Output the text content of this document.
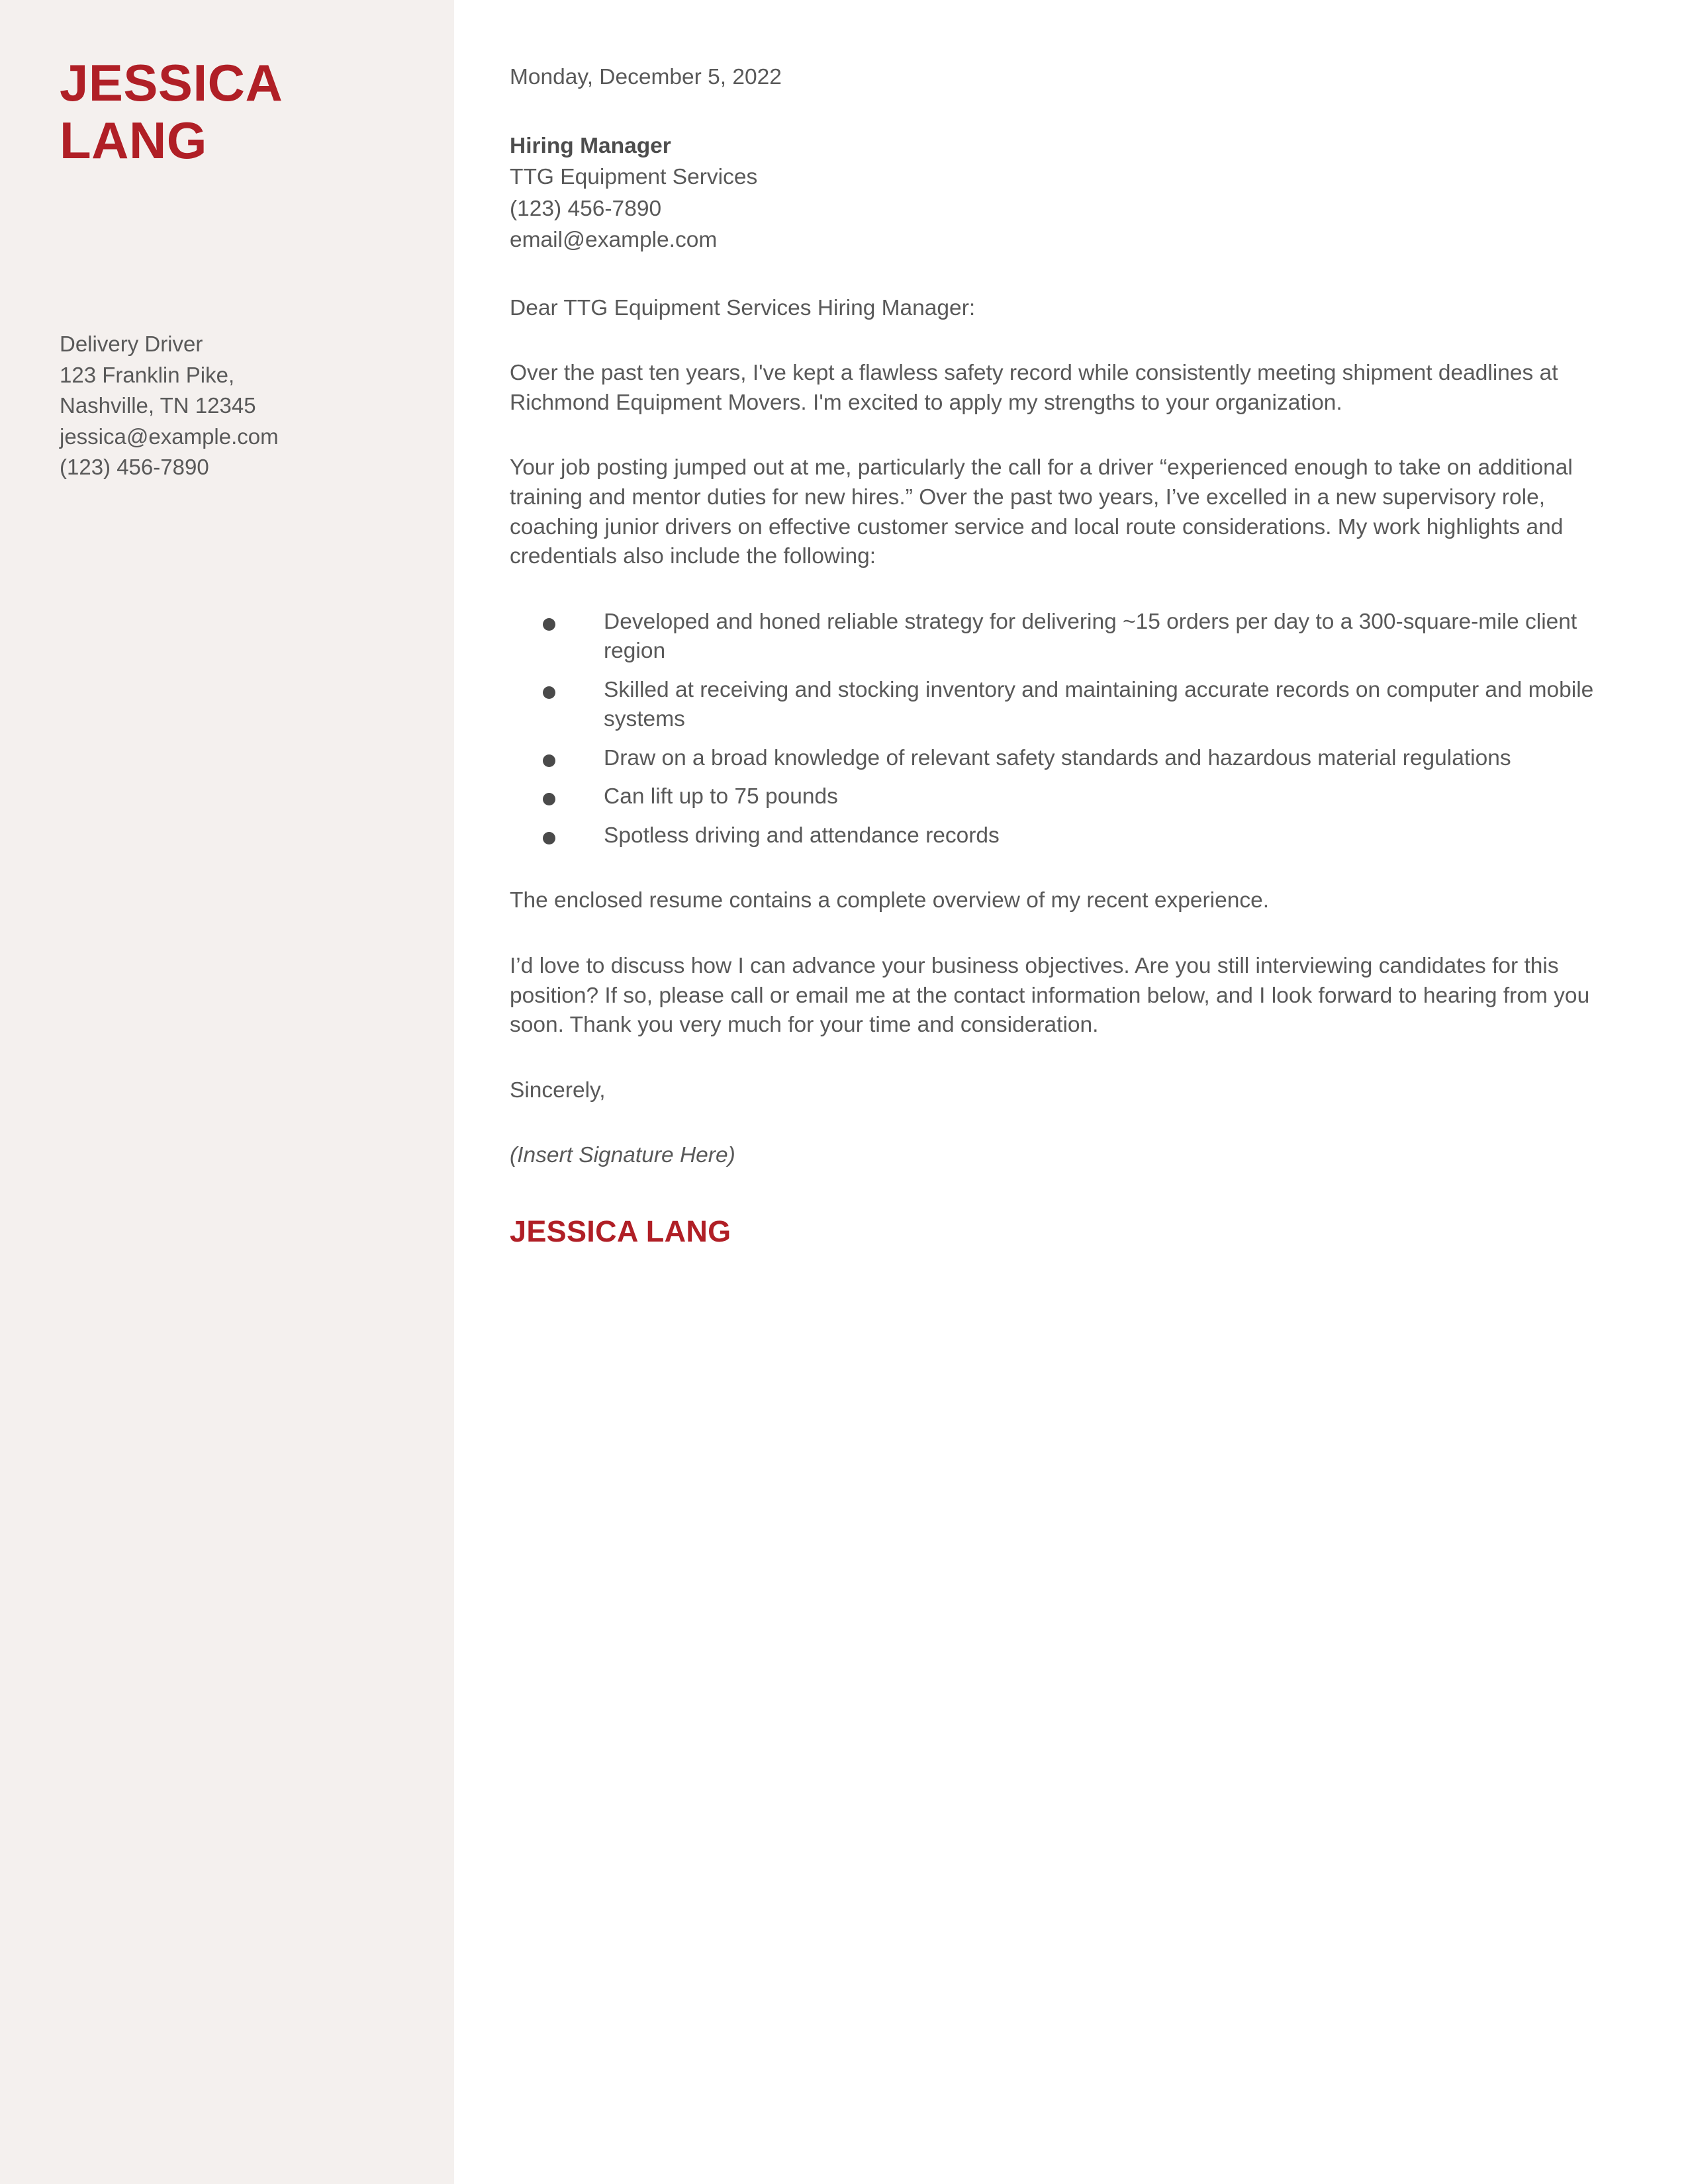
JESSICA
LANG
Delivery Driver
123 Franklin Pike,
Nashville, TN 12345
jessica@example.com
(123) 456-7890
Monday, December 5, 2022
Hiring Manager
TTG Equipment Services
(123) 456-7890
email@example.com
Dear TTG Equipment Services Hiring Manager:

Over the past ten years, I've kept a flawless safety record while consistently meeting shipment deadlines at Richmond Equipment Movers. I'm excited to apply my strengths to your organization.

Your job posting jumped out at me, particularly the call for a driver “experienced enough to take on additional training and mentor duties for new hires.” Over the past two years, I’ve excelled in a new supervisory role, coaching junior drivers on effective customer service and local route considerations. My work highlights and credentials also include the following:

Developed and honed reliable strategy for delivering ~15 orders per day to a 300-square-mile client region
Skilled at receiving and stocking inventory and maintaining accurate records on computer and mobile systems
Draw on a broad knowledge of relevant safety standards and hazardous material regulations
Can lift up to 75 pounds
Spotless driving and attendance records

The enclosed resume contains a complete overview of my recent experience.

I’d love to discuss how I can advance your business objectives. Are you still interviewing candidates for this position? If so, please call or email me at the contact information below, and I look forward to hearing from you soon. Thank you very much for your time and consideration.

Sincerely,
(Insert Signature Here)
JESSICA LANG
